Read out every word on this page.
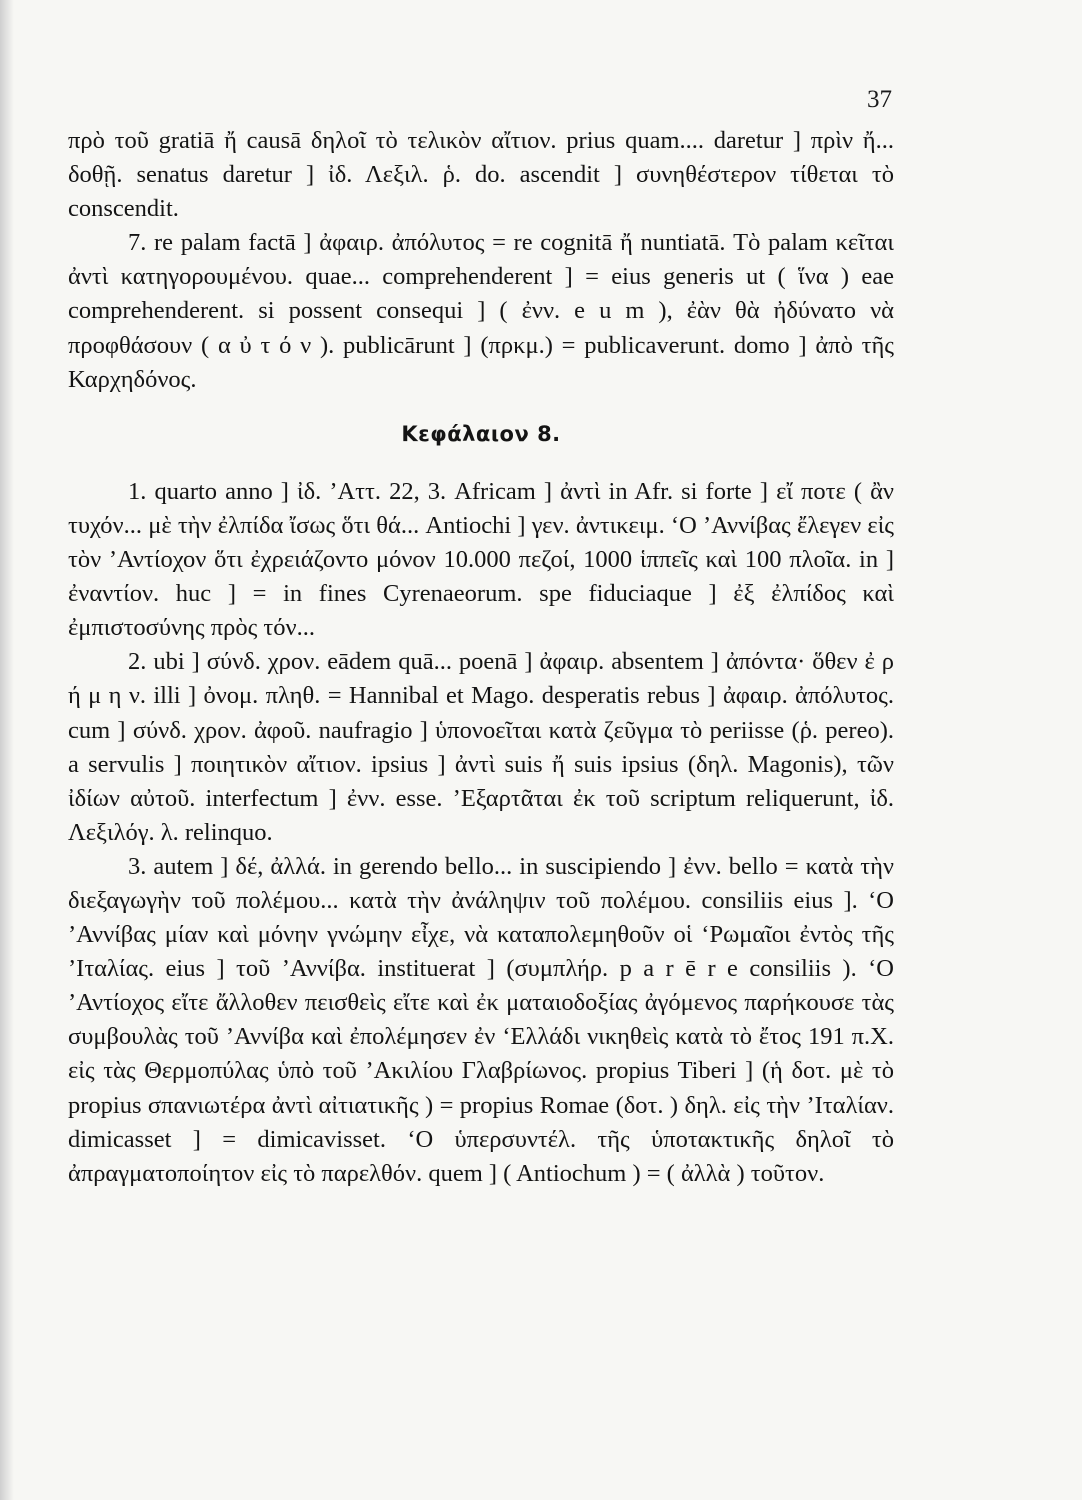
37

πρὸ τοῦ gratiā ἤ causā δηλοῖ τὸ τελικὸν αἴτιον. prius quam.... daretur ] πρὶν ἤ... δοθῇ. senatus daretur ] ἰδ. Λεξιλ. ῥ. do. ascendit ] συνηθέστερον τίθεται τὸ conscendit.

7. re palam factā ] ἀφαιρ. ἀπόλυτος = re cognitā ἤ nuntiatā. Τὸ palam κεῖται ἀντὶ κατηγορουμένου. quae... comprehenderent ] = eius generis ut ( ἵνα ) eae comprehenderent. si possent consequi ] ( ἐνν. e u m ), ἐὰν θὰ ἠδύνατο νὰ προφθάσουν ( α ὐ τ ό ν ). publicārunt ] (πρκμ.) = publicaverunt. domo ] ἀπὸ τῆς Καρχηδόνος.

Κεφάλαιον 8.

1. quarto anno ] ἰδ. ’Αττ. 22, 3. Africam ] ἀντὶ in Afr. si forte ] εἴ ποτε ( ἂν τυχόν... μὲ τὴν ἐλπίδα ἴσως ὅτι θά... Antiochi ] γεν. ἀντικειμ. ‘Ο ’Αννίβας ἔλεγεν εἰς τὸν ’Αντίοχον ὅτι ἐχρειάζοντο μόνον 10.000 πεζοί, 1000 ἱππεῖς καὶ 100 πλοῖα. in ] ἐναντίον. huc ] = in fines Cyrenaeorum. spe fiduciaque ] ἐξ ἐλπίδος καὶ ἐμπιστοσύνης πρὸς τόν...

2. ubi ] σύνδ. χρον. eādem quā... poenā ] ἀφαιρ. absentem ] ἀπόντα· ὅθεν ἐ ρ ή μ η ν. illi ] ὀνομ. πληθ. = Hannibal et Mago. desperatis rebus ] ἀφαιρ. ἀπόλυτος. cum ] σύνδ. χρον. ἀφοῦ. naufragio ] ὑπονοεῖται κατὰ ζεῦγμα τὸ periisse (ῥ. pereo). a servulis ] ποιητικὸν αἴτιον. ipsius ] ἀντὶ suis ἤ suis ipsius (δηλ. Magonis), τῶν ἰδίων αὐτοῦ. interfectum ] ἐνν. esse. ’Εξαρτᾶται ἐκ τοῦ scriptum reliquerunt, ἰδ. Λεξιλόγ. λ. relinquo.

3. autem ] δέ, ἀλλά. in gerendo bello... in suscipiendo ] ἐνν. bello = κατὰ τὴν διεξαγωγὴν τοῦ πολέμου... κατὰ τὴν ἀνάληψιν τοῦ πολέμου. consiliis eius ]. ‘Ο ’Αννίβας μίαν καὶ μόνην γνώμην εἶχε, νὰ καταπολεμηθοῦν οἱ ‘Ρωμαῖοι ἐντὸς τῆς ’Ιταλίας. eius ] τοῦ ’Αννίβα. instituerat ] (συμπλήρ. p a r ē r e consiliis ). ‘Ο ’Αντίοχος εἴτε ἄλλοθεν πεισθεὶς εἴτε καὶ ἐκ ματαιοδοξίας ἀγόμενος παρήκουσε τὰς συμβουλὰς τοῦ ’Αννίβα καὶ ἐπολέμησεν ἐν ‘Ελλάδι νικηθεὶς κατὰ τὸ ἔτος 191 π.Χ. εἰς τὰς Θερμοπύλας ὑπὸ τοῦ ’Ακιλίου Γλαβρίωνος. propius Tiberi ] (ἡ δοτ. μὲ τὸ propius σπανιωτέρα ἀντὶ αἰτιατικῆς ) = propius Romae (δοτ. ) δηλ. εἰς τὴν ’Ιταλίαν. dimicasset ] = dimicavisset. ‘Ο ὑπερσυντέλ. τῆς ὑποτακτικῆς δηλοῖ τὸ ἀπραγματοποίητον εἰς τὸ παρελθόν. quem ] ( Antiochum ) = ( ἀλλὰ ) τοῦτον.
